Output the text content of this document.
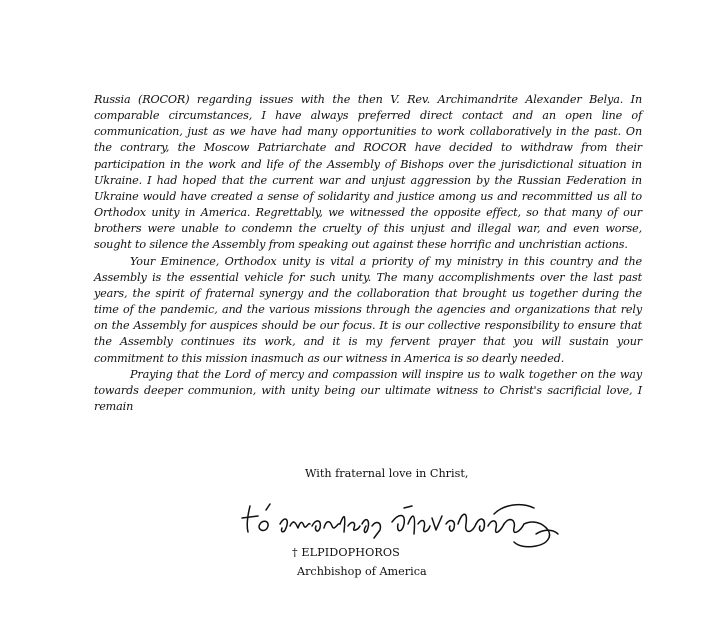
Russia (ROCOR) regarding issues with the then V. Rev. Archimandrite Alexander Belya. In comparable circumstances, I have always preferred direct contact and an open line of communication, just as we have had many opportunities to work collaboratively in the past. On the contrary, the Moscow Patriarchate and ROCOR have decided to withdraw from their participation in the work and life of the Assembly of Bishops over the jurisdictional situation in Ukraine. I had hoped that the current war and unjust aggression by the Russian Federation in Ukraine would have created a sense of solidarity and justice among us and recommitted us all to Orthodox unity in America. Regrettably, we witnessed the opposite effect, so that many of our brothers were unable to condemn the cruelty of this unjust and illegal war, and even worse, sought to silence the Assembly from speaking out against these horrific and unchristian actions.

Your Eminence, Orthodox unity is vital a priority of my ministry in this country and the Assembly is the essential vehicle for such unity. The many accomplishments over the last past years, the spirit of fraternal synergy and the collaboration that brought us together during the time of the pandemic, and the various missions through the agencies and organizations that rely on the Assembly for auspices should be our focus. It is our collective responsibility to ensure that the Assembly continues its work, and it is my fervent prayer that you will sustain your commitment to this mission inasmuch as our witness in America is so dearly needed.

Praying that the Lord of mercy and compassion will inspire us to walk together on the way towards deeper communion, with unity being our ultimate witness to Christ's sacrificial love, I remain

With fraternal love in Christ,
† ELPIDOPHOROS
Archbishop of America
